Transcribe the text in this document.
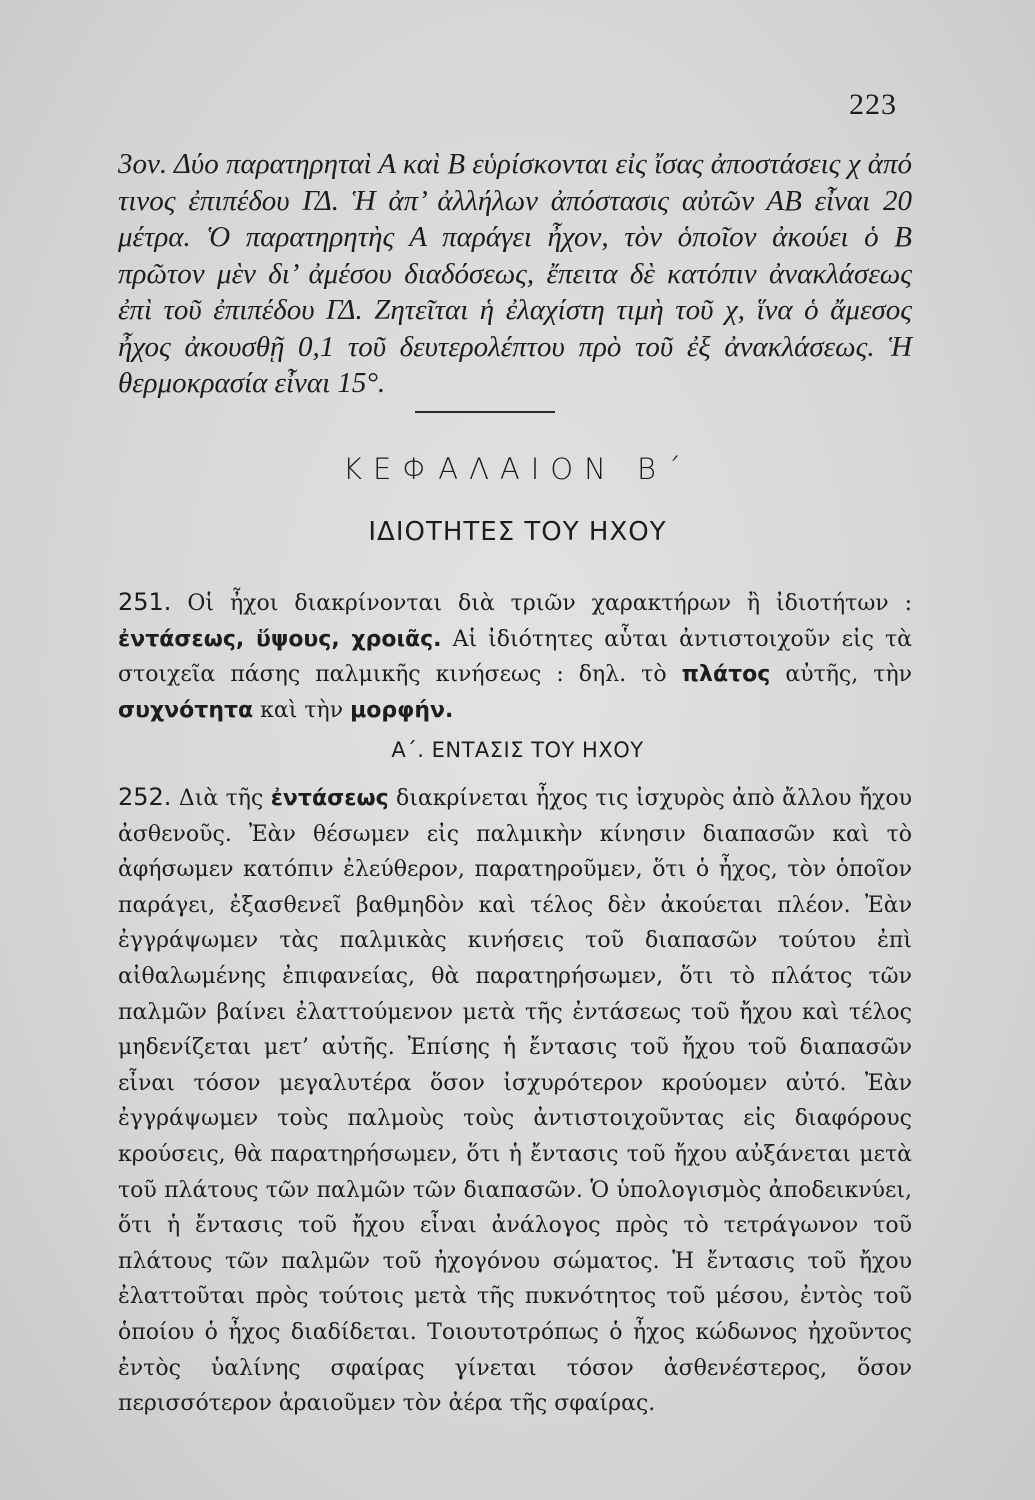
223

3ον. Δύο παρατηρηταὶ Α καὶ Β εὑρίσκονται εἰς ἴσας ἀποστάσεις χ ἀπό τινος ἐπιπέδου ΓΔ. Ἡ ἀπ’ ἀλλήλων ἀπόστασις αὐτῶν ΑΒ εἶναι 20 μέτρα. Ὁ παρατηρητὴς Α παράγει ἦχον, τὸν ὁποῖον ἀκούει ὁ Β πρῶτον μὲν δι’ ἀμέσου διαδόσεως, ἔπειτα δὲ κατόπιν ἀνακλάσεως ἐπὶ τοῦ ἐπιπέδου ΓΔ. Ζητεῖται ἡ ἐλαχίστη τιμὴ τοῦ χ, ἵνα ὁ ἄμεσος ἦχος ἀκουσθῇ 0,1 τοῦ δευτερολέπτου πρὸ τοῦ ἐξ ἀνακλάσεως. Ἡ θερμοκρασία εἶναι 15°.

ΚΕΦΑΛΑΙΟΝ Β΄
ΙΔΙΟΤΗΤΕΣ ΤΟΥ ΗΧΟΥ

251. Οἱ ἦχοι διακρίνονται διὰ τριῶν χαρακτήρων ἢ ἰδιοτήτων : ἐντάσεως, ὕψους, χροιᾶς. Αἱ ἰδιότητες αὗται ἀντιστοιχοῦν εἰς τὰ στοιχεῖα πάσης παλμικῆς κινήσεως : δηλ. τὸ πλάτος αὐτῆς, τὴν συχνότητα καὶ τὴν μορφήν.

Α΄. ΕΝΤΑΣΙΣ ΤΟΥ ΗΧΟΥ

252. Διὰ τῆς ἐντάσεως διακρίνεται ἦχος τις ἰσχυρὸς ἀπὸ ἄλλου ἤχου ἀσθενοῦς. Ἐὰν θέσωμεν εἰς παλμικὴν κίνησιν διαπασῶν καὶ τὸ ἀφήσωμεν κατόπιν ἐλεύθερον, παρατηροῦμεν, ὅτι ὁ ἦχος, τὸν ὁποῖον παράγει, ἐξασθενεῖ βαθμηδὸν καὶ τέλος δὲν ἀκούεται πλέον. Ἐὰν ἐγγράψωμεν τὰς παλμικὰς κινήσεις τοῦ διαπασῶν τούτου ἐπὶ αἰθαλωμένης ἐπιφανείας, θὰ παρατηρήσωμεν, ὅτι τὸ πλάτος τῶν παλμῶν βαίνει ἐλαττούμενον μετὰ τῆς ἐντάσεως τοῦ ἤχου καὶ τέλος μηδενίζεται μετ’ αὐτῆς. Ἐπίσης ἡ ἔντασις τοῦ ἤχου τοῦ διαπασῶν εἶναι τόσον μεγαλυτέρα ὅσον ἰσχυρότερον κρούομεν αὐτό. Ἐὰν ἐγγράψωμεν τοὺς παλμοὺς τοὺς ἀντιστοιχοῦντας εἰς διαφόρους κρούσεις, θὰ παρατηρήσωμεν, ὅτι ἡ ἔντασις τοῦ ἤχου αὐξάνεται μετὰ τοῦ πλάτους τῶν παλμῶν τῶν διαπασῶν. Ὁ ὑπολογισμὸς ἀποδεικνύει, ὅτι ἡ ἔντασις τοῦ ἤχου εἶναι ἀνάλογος πρὸς τὸ τετράγωνον τοῦ πλάτους τῶν παλμῶν τοῦ ἠχογόνου σώματος. Ἡ ἔντασις τοῦ ἤχου ἐλαττοῦται πρὸς τούτοις μετὰ τῆς πυκνότητος τοῦ μέσου, ἐντὸς τοῦ ὁποίου ὁ ἦχος διαδίδεται. Τοιουτοτρόπως ὁ ἦχος κώδωνος ἠχοῦντος ἐντὸς ὑαλίνης σφαίρας γίνεται τόσον ἀσθενέστερος, ὅσον περισσότερον ἀραιοῦμεν τὸν ἀέρα τῆς σφαίρας.
